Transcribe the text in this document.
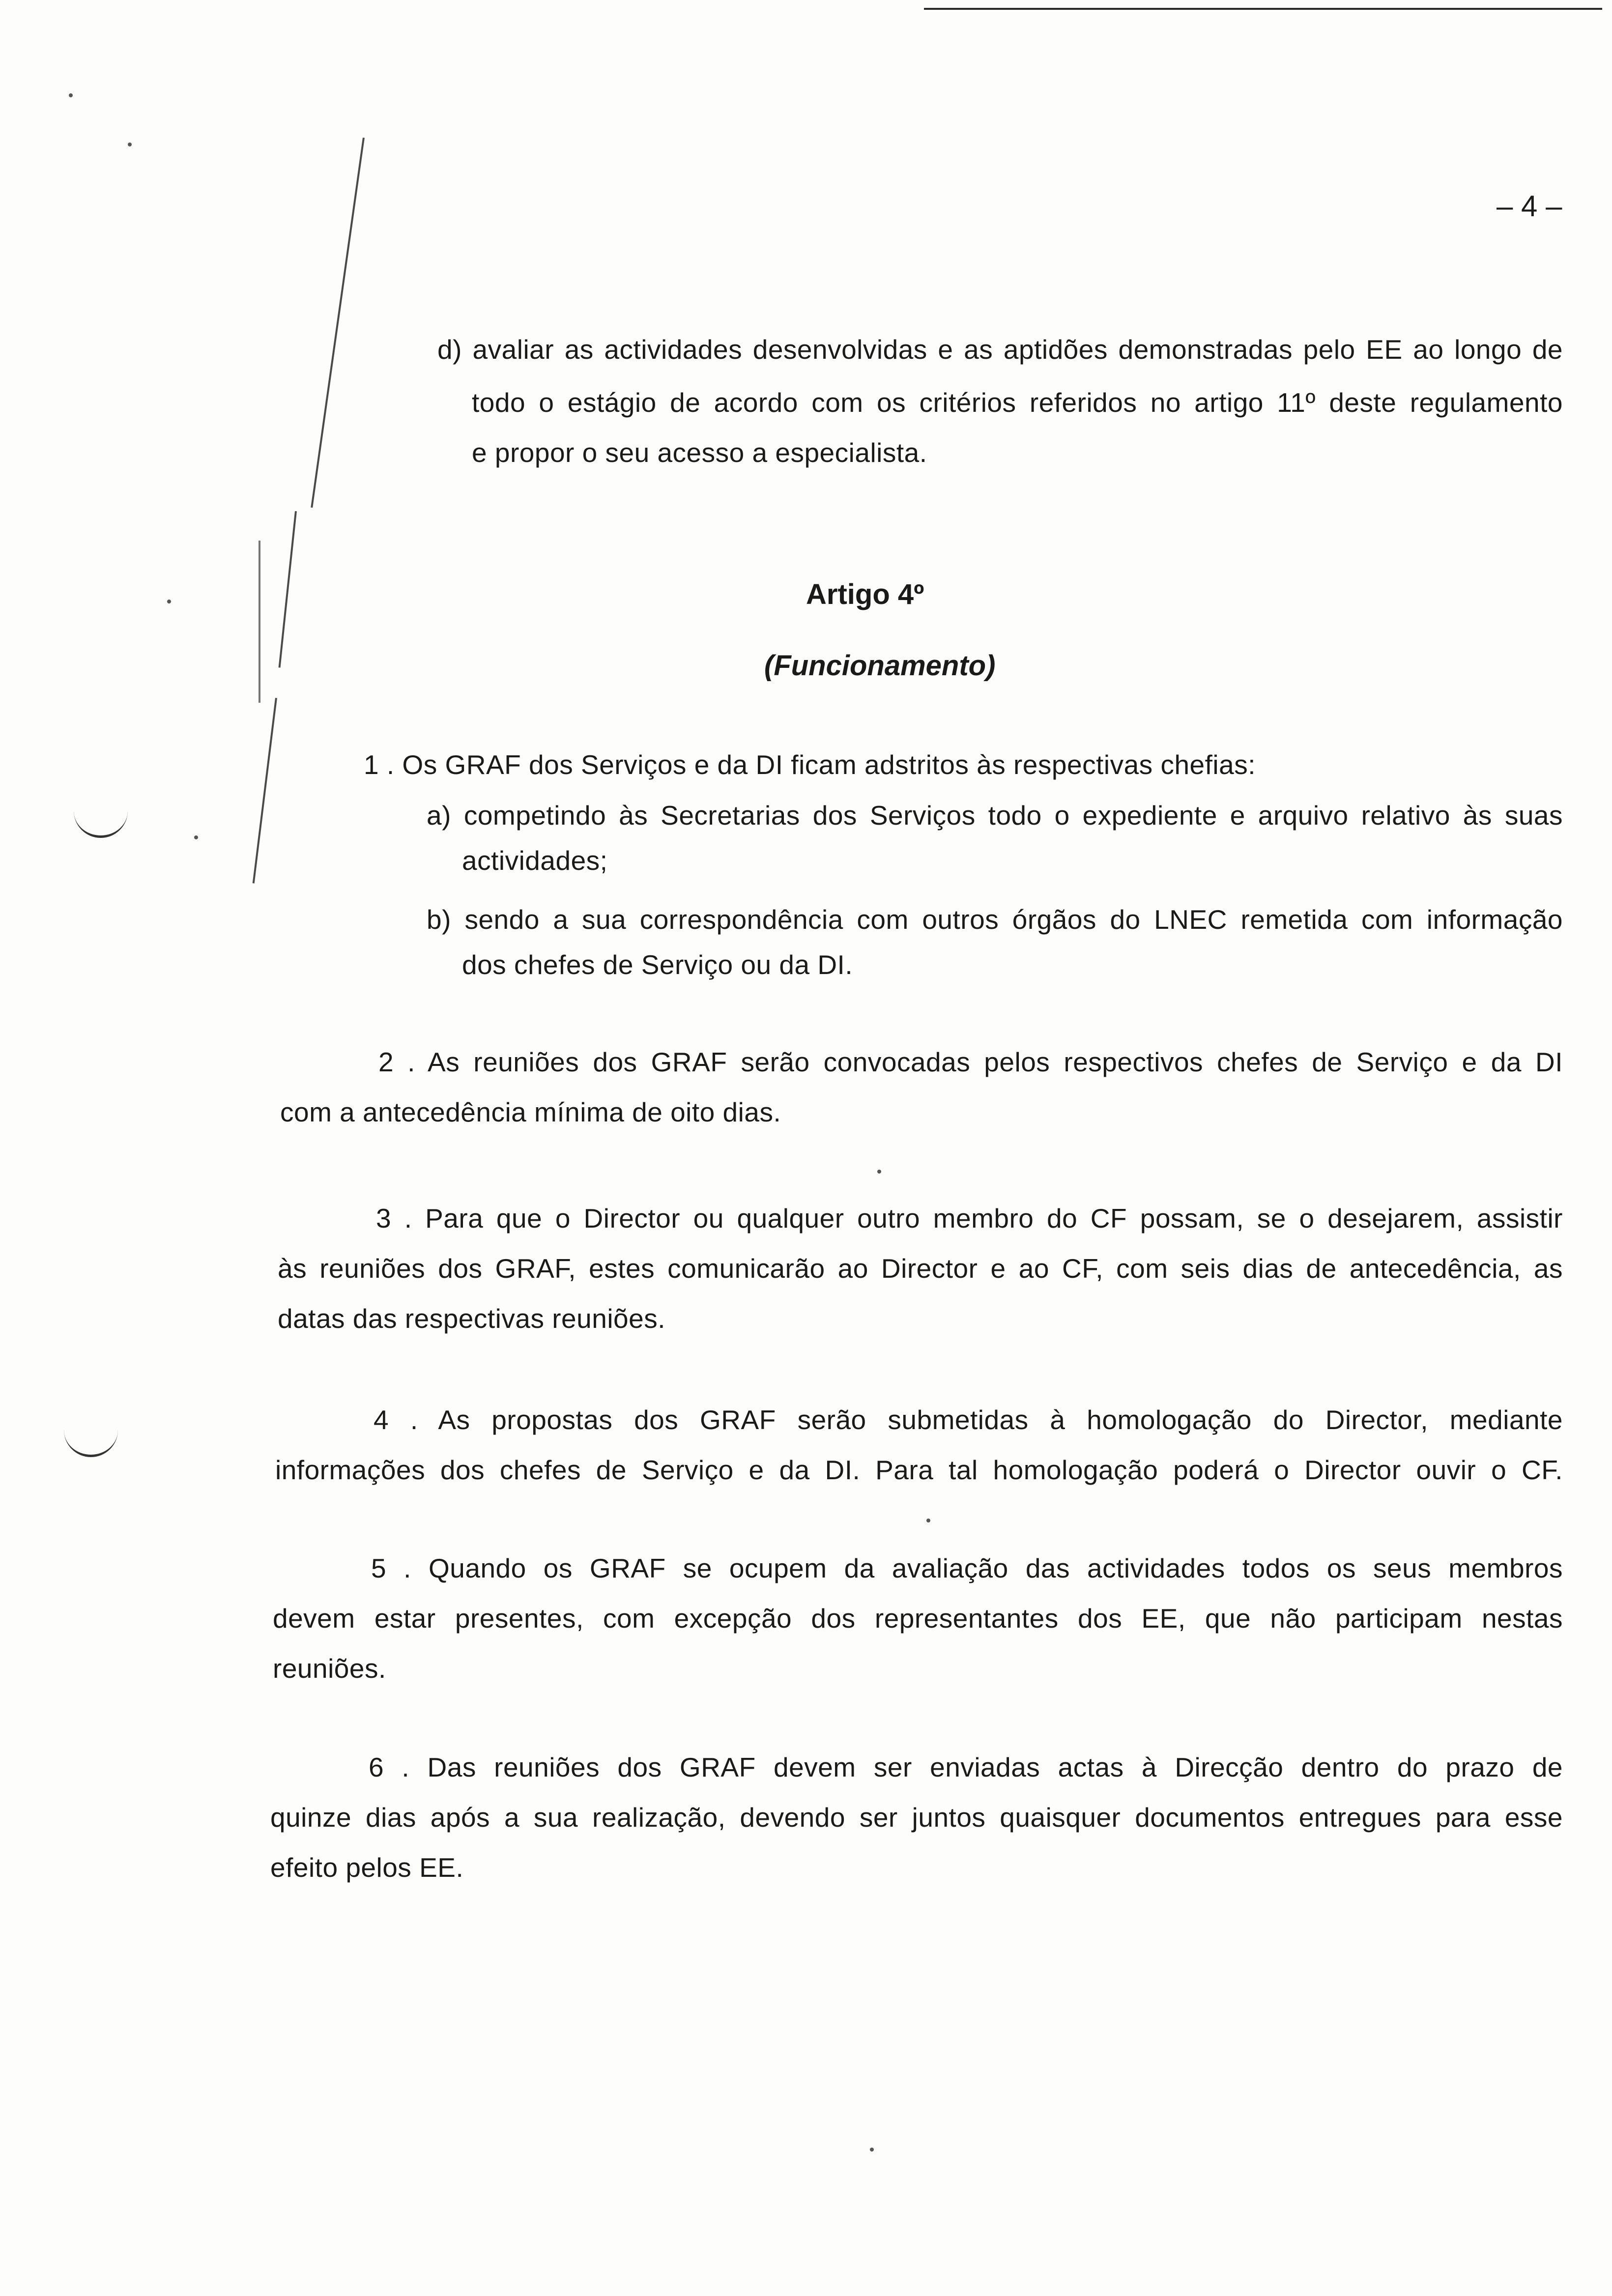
– 4 –
d) avaliar as actividades desenvolvidas e as aptidões demonstradas pelo EE ao longo de
todo o estágio de acordo com os critérios referidos no artigo 11º deste regulamento
e propor o seu acesso a especialista.
Artigo 4º
(Funcionamento)
1 . Os GRAF dos Serviços e da DI ficam adstritos às respectivas chefias:
a) competindo às Secretarias dos Serviços todo o expediente e arquivo relativo às suas
actividades;
b) sendo a sua correspondência com outros órgãos do LNEC remetida com informação
dos chefes de Serviço ou da DI.
2 . As reuniões dos GRAF serão convocadas pelos respectivos chefes de Serviço e da DI
com a antecedência mínima de oito dias.
3 . Para que o Director ou qualquer outro membro do CF possam, se o desejarem, assistir
às reuniões dos GRAF, estes comunicarão ao Director e ao CF, com seis dias de antecedência, as
datas das respectivas reuniões.
4 . As propostas dos GRAF serão submetidas à homologação do Director, mediante
informações dos chefes de Serviço e da DI. Para tal homologação poderá o Director ouvir o CF.
5 . Quando os GRAF se ocupem da avaliação das actividades todos os seus membros
devem estar presentes, com excepção dos representantes dos EE, que não participam nestas
reuniões.
6 . Das reuniões dos GRAF devem ser enviadas actas à Direcção dentro do prazo de
quinze dias após a sua realização, devendo ser juntos quaisquer documentos entregues para esse
efeito pelos EE.
